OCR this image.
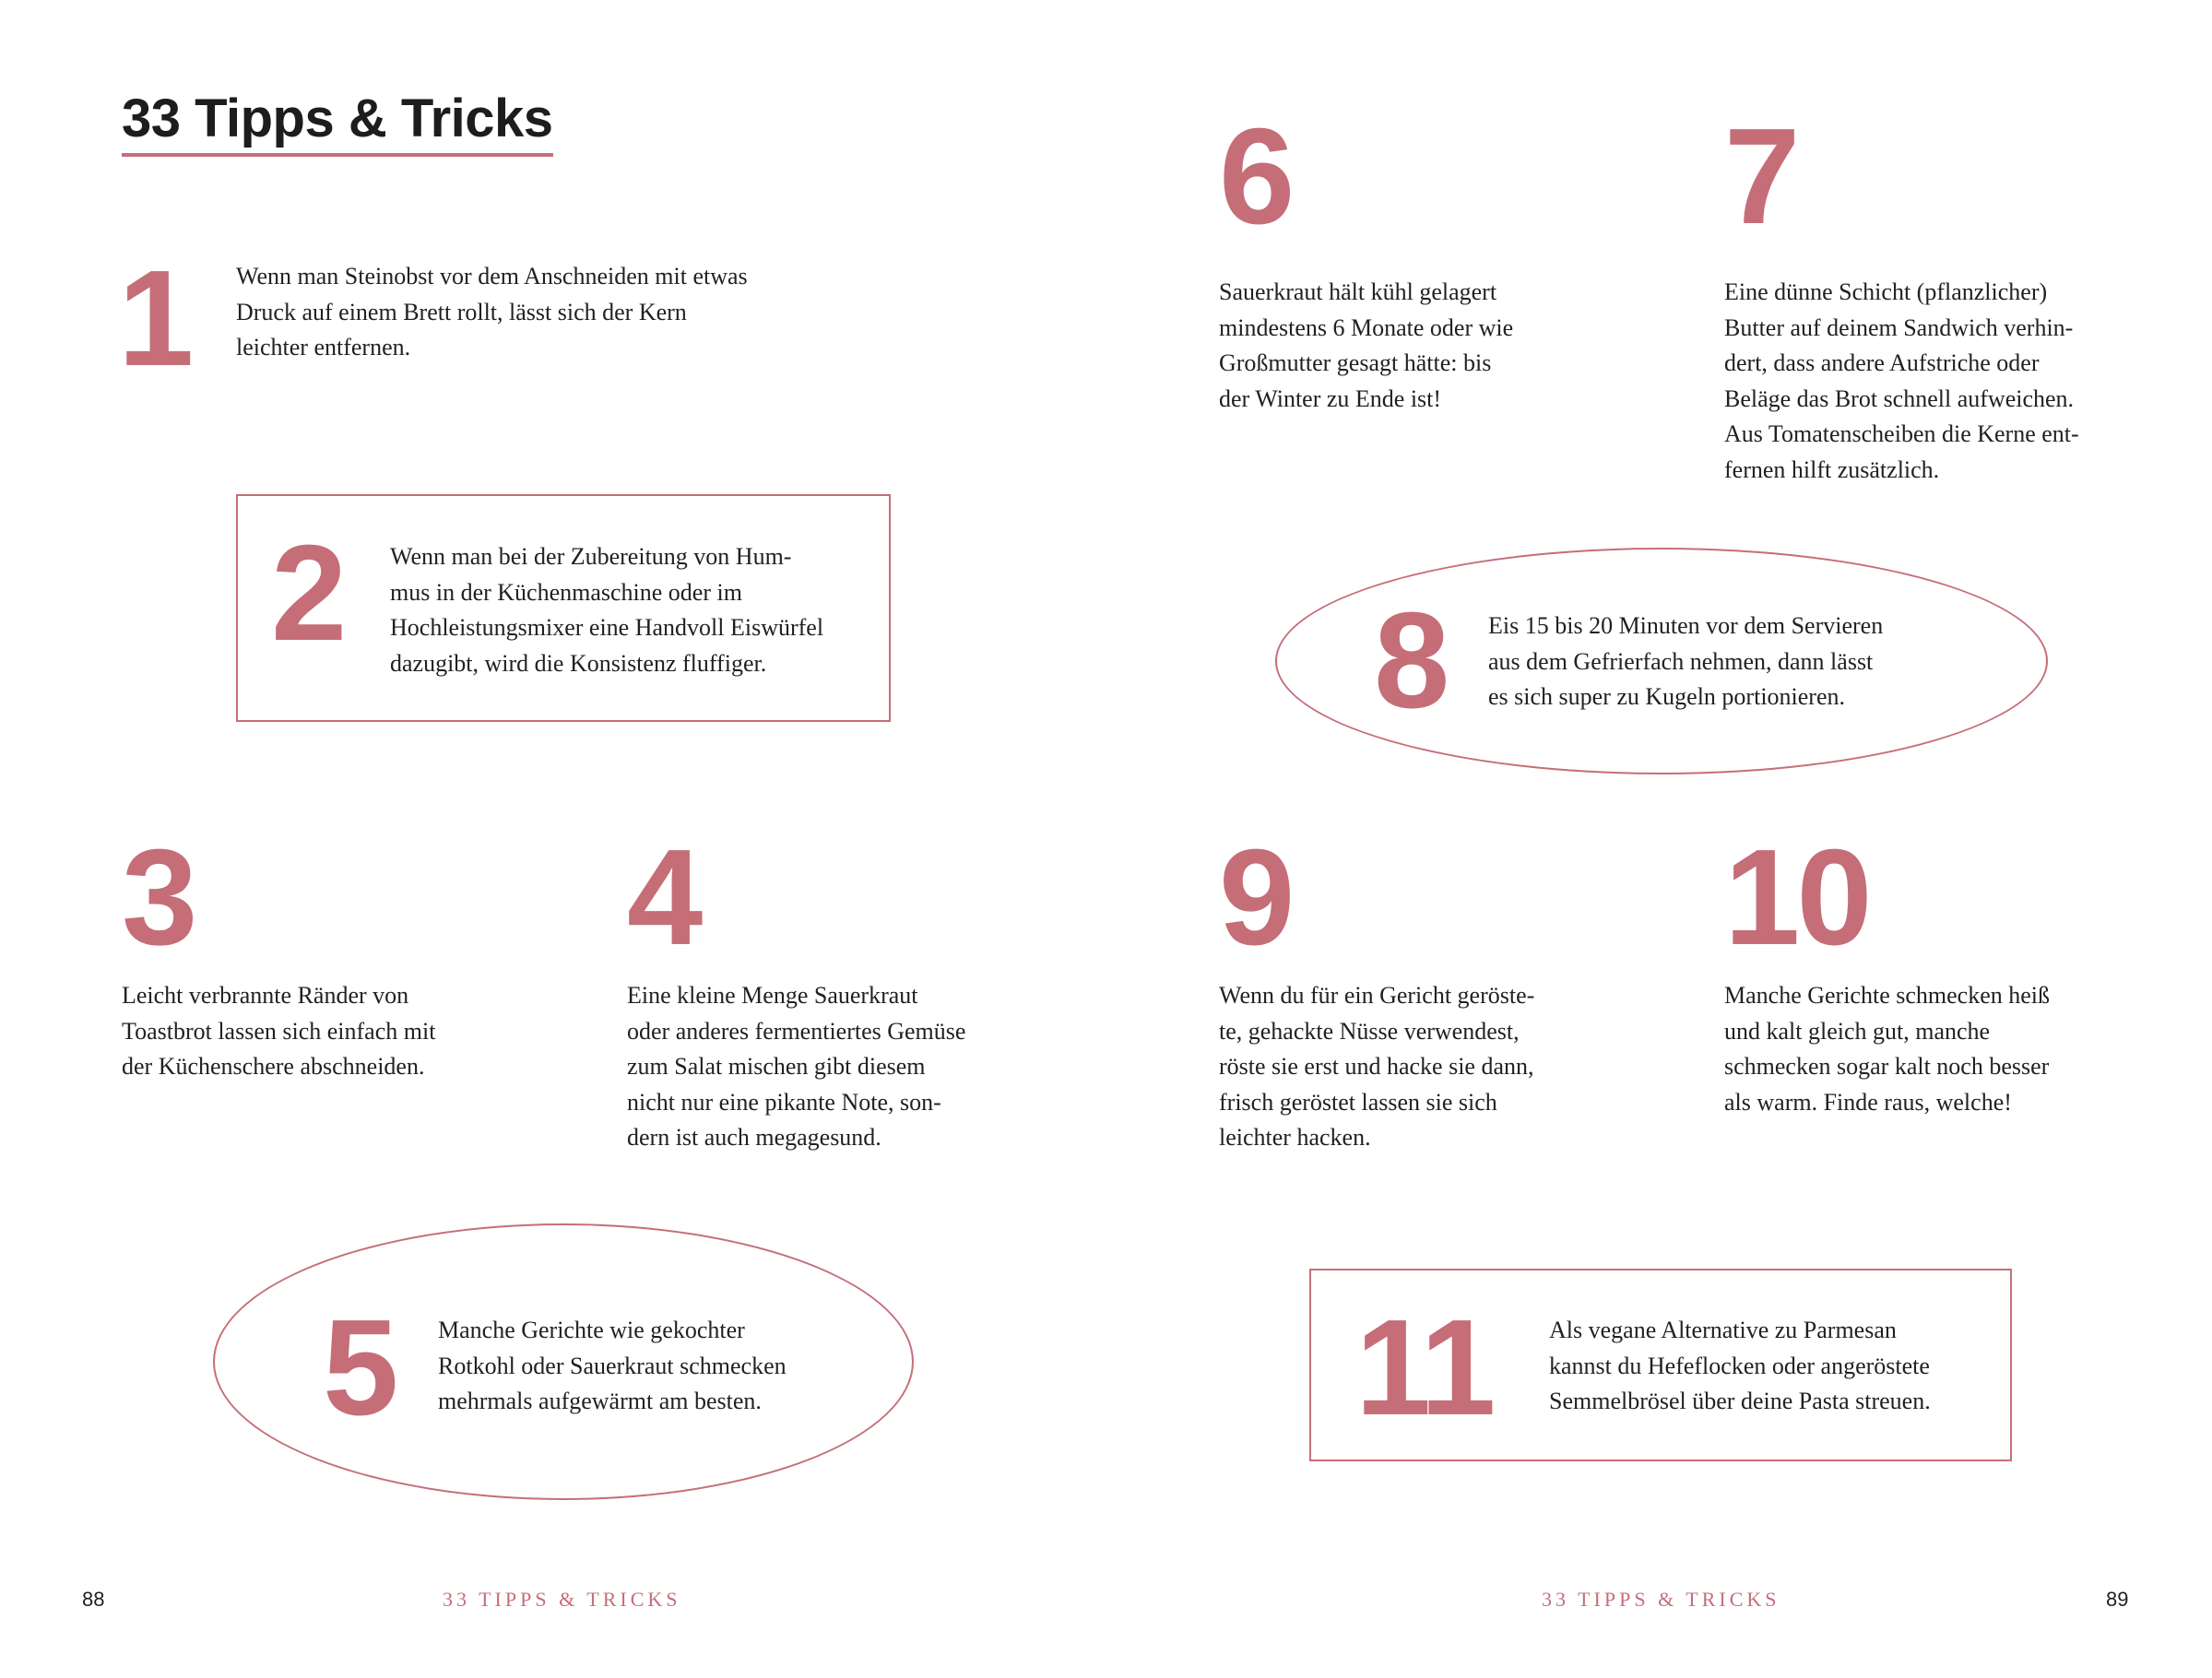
33 Tipps & Tricks
1 Wenn man Steinobst vor dem Anschneiden mit etwas
Druck auf einem Brett rollt, lässt sich der Kern
leichter entfernen.
2 Wenn man bei der Zubereitung von Hum-
mus in der Küchenmaschine oder im
Hochleistungsmixer eine Handvoll Eiswürfel
dazugibt, wird die Konsistenz fluffiger.
3
Leicht verbrannte Ränder von
Toastbrot lassen sich einfach mit
der Küchenschere abschneiden.
4
Eine kleine Menge Sauerkraut
oder anderes fermentiertes Gemüse
zum Salat mischen gibt diesem
nicht nur eine pikante Note, son-
dern ist auch megagesund.
5 Manche Gerichte wie gekochter
Rotkohl oder Sauerkraut schmecken
mehrmals aufgewärmt am besten.
6
Sauerkraut hält kühl gelagert
mindestens 6 Monate oder wie
Großmutter gesagt hätte: bis
der Winter zu Ende ist!
7
Eine dünne Schicht (pflanzlicher)
Butter auf deinem Sandwich verhin-
dert, dass andere Aufstriche oder
Beläge das Brot schnell aufweichen.
Aus Tomatenscheiben die Kerne ent-
fernen hilft zusätzlich.
8 Eis 15 bis 20 Minuten vor dem Servieren
aus dem Gefrierfach nehmen, dann lässt
es sich super zu Kugeln portionieren.
9
Wenn du für ein Gericht geröste-
te, gehackte Nüsse verwendest,
röste sie erst und hacke sie dann,
frisch geröstet lassen sie sich
leichter hacken.
10
Manche Gerichte schmecken heiß
und kalt gleich gut, manche
schmecken sogar kalt noch besser
als warm. Finde raus, welche!
11 Als vegane Alternative zu Parmesan
kannst du Hefeflocken oder angeröstete
Semmelbrösel über deine Pasta streuen.
88	33 TIPPS & TRICKS	33 TIPPS & TRICKS	89
